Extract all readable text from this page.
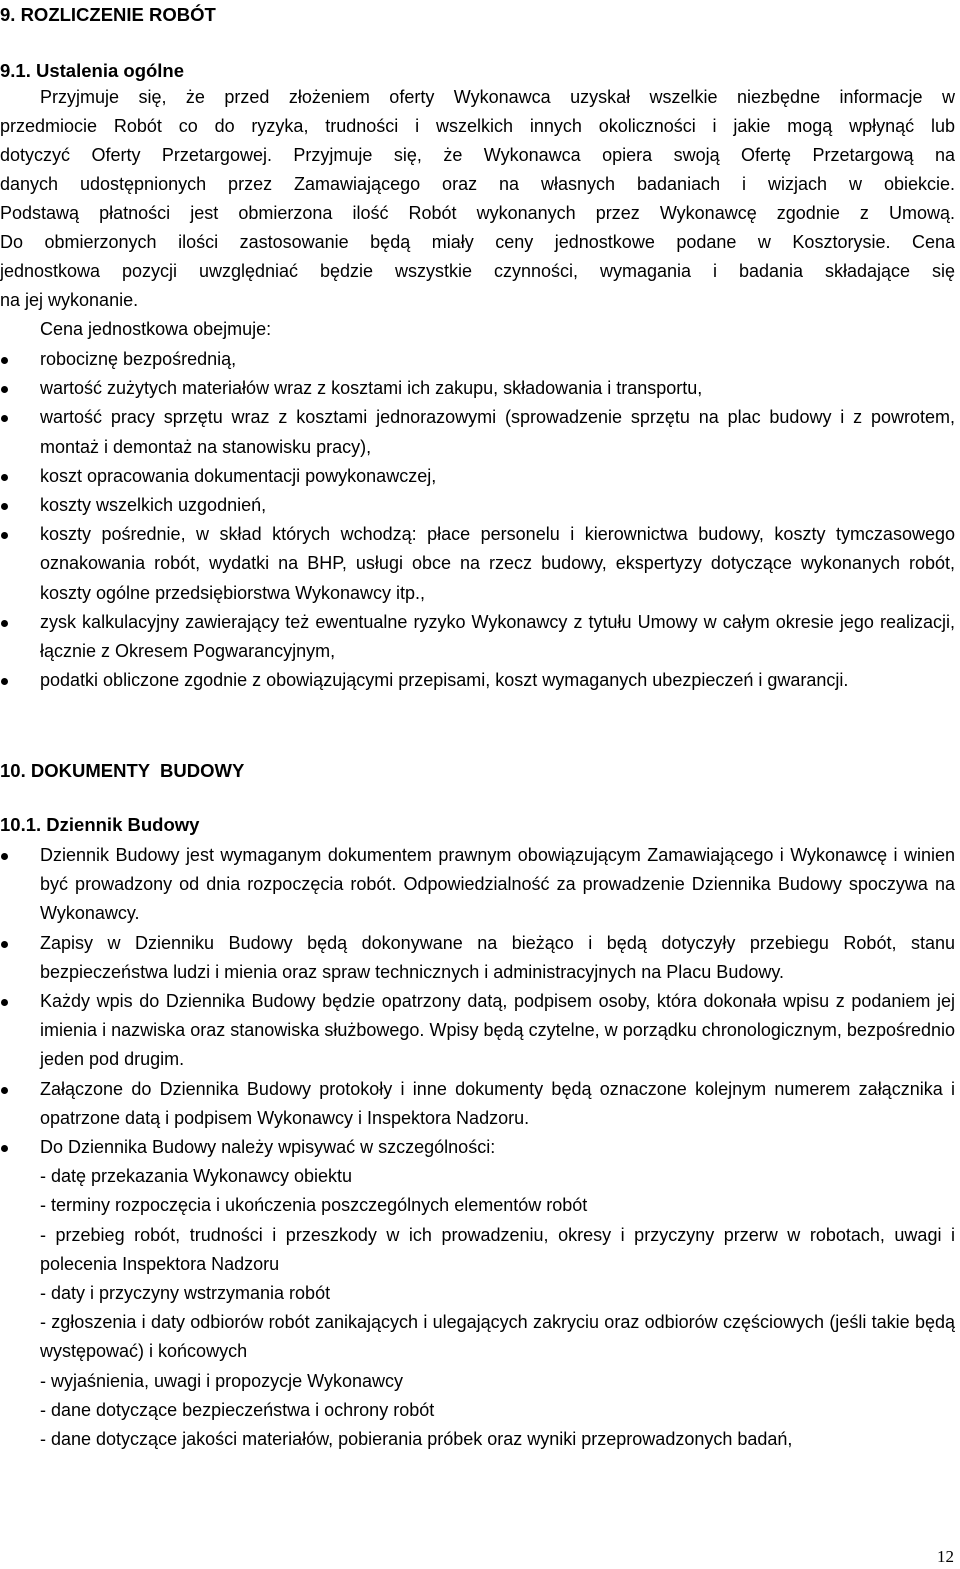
9. ROZLICZENIE ROBÓT
9.1. Ustalenia ogólne
Przyjmuje się, że przed złożeniem oferty Wykonawca uzyskał wszelkie niezbędne informacje w
przedmiocie Robót co do ryzyka, trudności i wszelkich innych okoliczności i jakie mogą wpłynąć lub
dotyczyć Oferty Przetargowej. Przyjmuje się, że Wykonawca opiera swoją Ofertę Przetargową na
danych udostępnionych przez Zamawiającego oraz na własnych badaniach i wizjach w obiekcie.
Podstawą płatności jest obmierzona ilość Robót wykonanych przez Wykonawcę zgodnie z Umową.
Do obmierzonych ilości zastosowanie będą miały ceny jednostkowe podane w Kosztorysie. Cena
jednostkowa pozycji uwzględniać będzie wszystkie czynności, wymagania i badania składające się
na jej wykonanie.
Cena jednostkowa obejmuje:
robociznę bezpośrednią,
wartość zużytych materiałów wraz z kosztami ich zakupu, składowania i transportu,
wartość pracy sprzętu wraz z kosztami jednorazowymi (sprowadzenie sprzętu na plac budowy i z powrotem, montaż i demontaż na stanowisku pracy),
koszt opracowania dokumentacji powykonawczej,
koszty wszelkich uzgodnień,
koszty pośrednie, w skład których wchodzą: płace personelu i kierownictwa budowy, koszty tymczasowego oznakowania robót, wydatki na BHP, usługi obce na rzecz budowy, ekspertyzy dotyczące wykonanych robót, koszty ogólne przedsiębiorstwa Wykonawcy itp.,
zysk kalkulacyjny zawierający też ewentualne ryzyko Wykonawcy z tytułu Umowy w całym okresie jego realizacji, łącznie z Okresem Pogwarancyjnym,
podatki obliczone zgodnie z obowiązującymi przepisami, koszt wymaganych ubezpieczeń i gwarancji.
10. DOKUMENTY  BUDOWY
10.1. Dziennik Budowy
Dziennik Budowy jest wymaganym dokumentem prawnym obowiązującym Zamawiającego i Wykonawcę i winien być prowadzony od dnia rozpoczęcia robót. Odpowiedzialność za prowadzenie Dziennika Budowy spoczywa na Wykonawcy.
Zapisy w Dzienniku Budowy będą dokonywane na bieżąco i będą dotyczyły przebiegu Robót, stanu bezpieczeństwa ludzi i mienia oraz spraw technicznych i administracyjnych na Placu Budowy.
Każdy wpis do Dziennika Budowy będzie opatrzony datą, podpisem osoby, która dokonała wpisu z podaniem jej imienia i nazwiska oraz stanowiska służbowego. Wpisy będą czytelne, w porządku chronologicznym, bezpośrednio jeden pod drugim.
Załączone do Dziennika Budowy protokoły i inne dokumenty będą oznaczone kolejnym numerem załącznika i opatrzone datą i podpisem Wykonawcy i Inspektora Nadzoru.
Do Dziennika Budowy należy wpisywać w szczególności:
- datę przekazania Wykonawcy obiektu
- terminy rozpoczęcia i ukończenia poszczególnych elementów robót
- przebieg robót, trudności i przeszkody w ich prowadzeniu, okresy i przyczyny przerw w robotach, uwagi i polecenia Inspektora Nadzoru
- daty i przyczyny wstrzymania robót
- zgłoszenia i daty odbiorów robót zanikających i ulegających zakryciu oraz odbiorów częściowych (jeśli takie będą występować) i końcowych
- wyjaśnienia, uwagi i propozycje Wykonawcy
- dane dotyczące bezpieczeństwa i ochrony robót
- dane dotyczące jakości materiałów, pobierania próbek oraz wyniki przeprowadzonych badań,
12
